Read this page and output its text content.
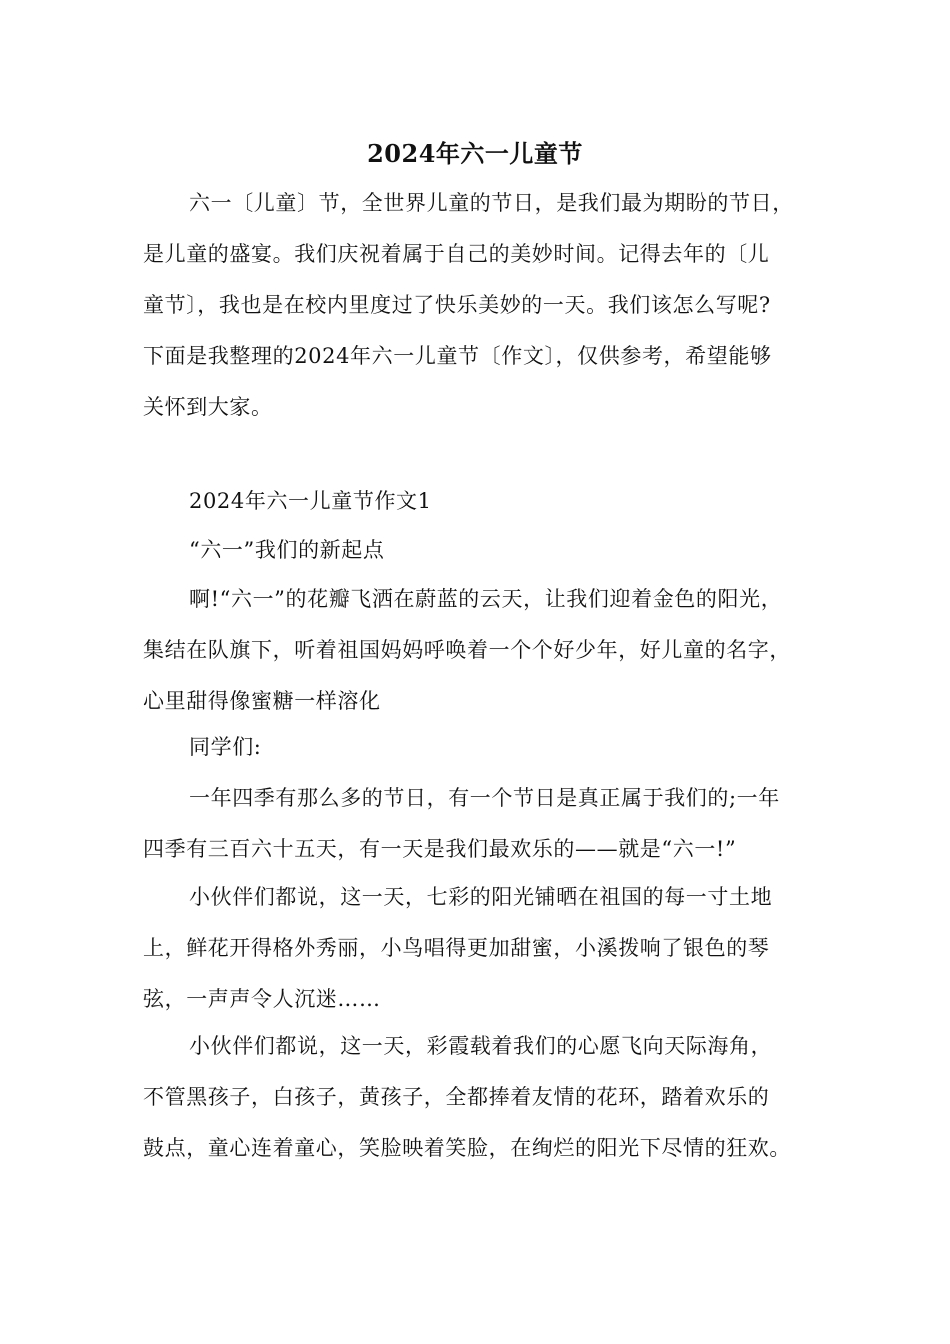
2024年六一儿童节
六一〔儿童〕节，全世界儿童的节日，是我们最为期盼的节日，
是儿童的盛宴。我们庆祝着属于自己的美妙时间。记得去年的〔儿
童节〕，我也是在校内里度过了快乐美妙的一天。我们该怎么写呢?
下面是我整理的2024年六一儿童节〔作文〕，仅供参考，希望能够
关怀到大家。
2024年六一儿童节作文1
“六一”我们的新起点
啊!“六一”的花瓣飞洒在蔚蓝的云天，让我们迎着金色的阳光，
集结在队旗下，听着祖国妈妈呼唤着一个个好少年，好儿童的名字，
心里甜得像蜜糖一样溶化
同学们:
一年四季有那么多的节日，有一个节日是真正属于我们的;一年
四季有三百六十五天，有一天是我们最欢乐的——就是“六一!”
小伙伴们都说，这一天，七彩的阳光铺晒在祖国的每一寸土地
上，鲜花开得格外秀丽，小鸟唱得更加甜蜜，小溪拨响了银色的琴
弦，一声声令人沉迷……
小伙伴们都说，这一天，彩霞载着我们的心愿飞向天际海角，
不管黑孩子，白孩子，黄孩子，全都捧着友情的花环，踏着欢乐的
鼓点，童心连着童心，笑脸映着笑脸，在绚烂的阳光下尽情的狂欢。
